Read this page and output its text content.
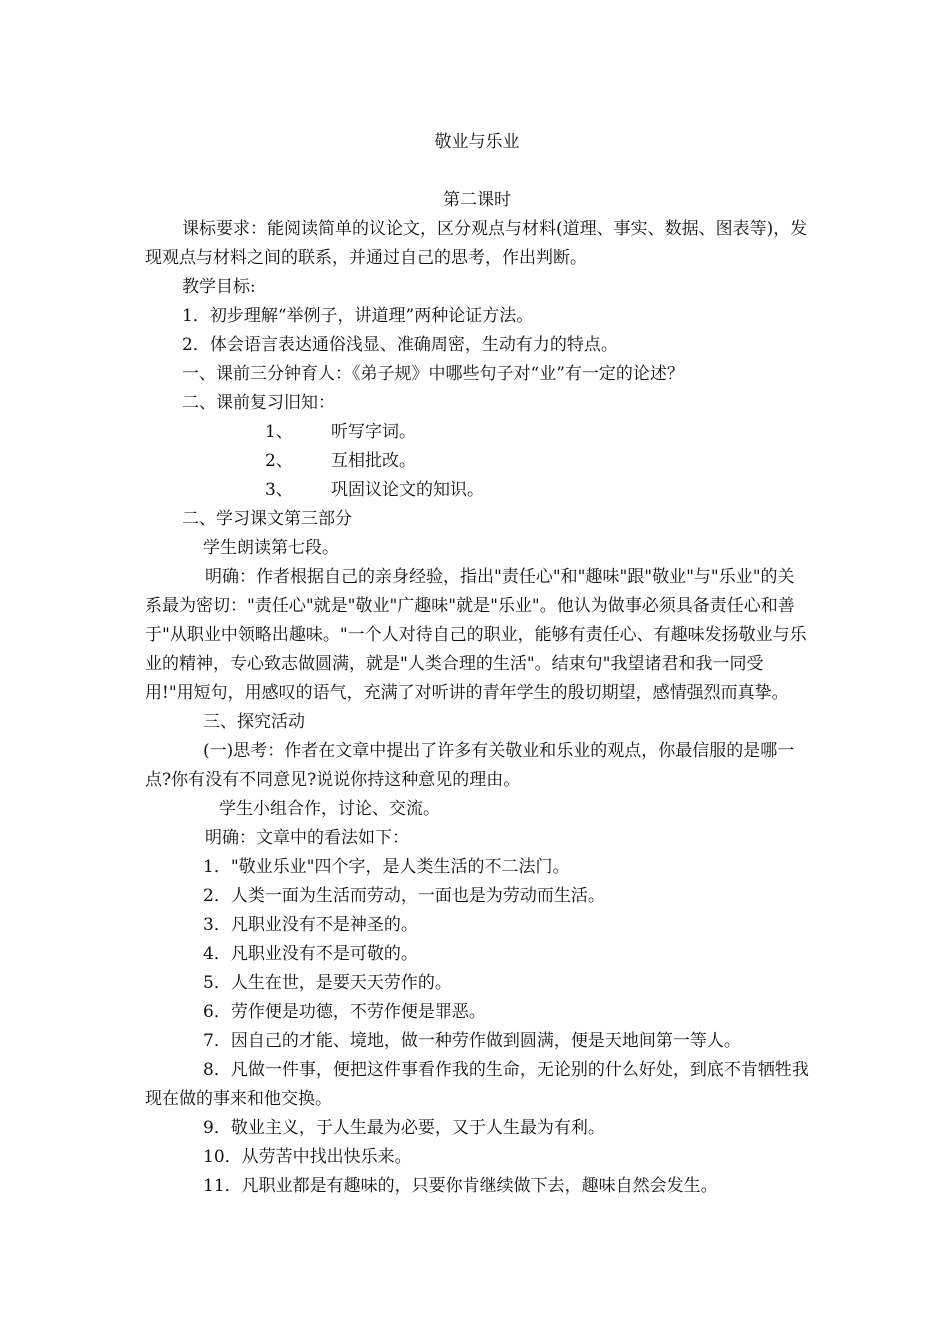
敬业与乐业

第二课时

课标要求：能阅读简单的议论文，区分观点与材料(道理、事实、数据、图表等)，发现观点与材料之间的联系，并通过自己的思考，作出判断。

教学目标:

1．初步理解“举例子，讲道理”两种论证方法。

2．体会语言表达通俗浅显、准确周密，生动有力的特点。

一、课前三分钟育人：《弟子规》中哪些句子对“业”有一定的论述？

二、课前复习旧知：

1、 听写字词。

2、 互相批改。

3、 巩固议论文的知识。

二、学习课文第三部分

学生朗读第七段。

明确：作者根据自己的亲身经验，指出"责任心"和"趣味"跟"敬业"与"乐业"的关系最为密切："责任心"就是"敬业"广趣味"就是"乐业"。他认为做事必须具备责任心和善于"从职业中领略出趣味。"一个人对待自己的职业，能够有责任心、有趣味发扬敬业与乐业的精神，专心致志做圆满，就是"人类合理的生活"。结束句"我望诸君和我一同受用!"用短句，用感叹的语气，充满了对听讲的青年学生的殷切期望，感情强烈而真挚。

三、探究活动

(一)思考：作者在文章中提出了许多有关敬业和乐业的观点，你最信服的是哪一点?你有没有不同意见?说说你持这种意见的理由。

学生小组合作，讨论、交流。

明确：文章中的看法如下：

1．"敬业乐业"四个字，是人类生活的不二法门。

2．人类一面为生活而劳动，一面也是为劳动而生活。

3．凡职业没有不是神圣的。

4．凡职业没有不是可敬的。

5．人生在世，是要天天劳作的。

6．劳作便是功德，不劳作便是罪恶。

7．因自己的才能、境地，做一种劳作做到圆满，便是天地间第一等人。

8．凡做一件事，便把这件事看作我的生命，无论别的什么好处，到底不肯牺牲我现在做的事来和他交换。

9．敬业主义，于人生最为必要，又于人生最为有利。

10．从劳苦中找出快乐来。

11．凡职业都是有趣味的，只要你肯继续做下去，趣味自然会发生。
